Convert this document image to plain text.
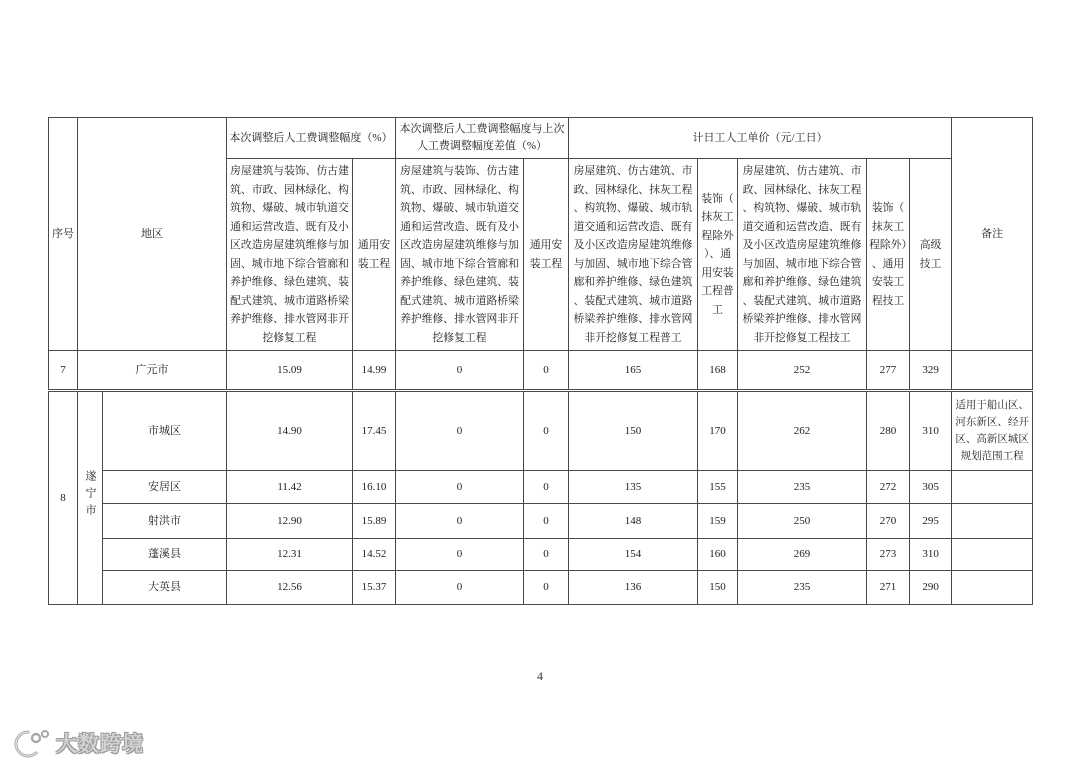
序号	地区		本次调整后人工费调整幅度（%）		本次调整后人工费调整幅度与上次人工费调整幅度差值（%）		计日工人工单价（元/工日）					备注

			房屋建筑与装饰、仿古建筑、市政、园林绿化、构筑物、爆破、城市轨道交通和运营改造、既有及小区改造房屋建筑维修与加固、城市地下综合管廊和养护维修、绿色建筑、装配式建筑、城市道路桥梁养护维修、排水管网非开挖修复工程	通用安装工程	房屋建筑与装饰、仿古建筑、市政、园林绿化、构筑物、爆破、城市轨道交通和运营改造、既有及小区改造房屋建筑维修与加固、城市地下综合管廊和养护维修、绿色建筑、装配式建筑、城市道路桥梁养护维修、排水管网非开挖修复工程	通用安装工程	房屋建筑、仿古建筑、市政、园林绿化、抹灰工程、构筑物、爆破、城市轨道交通和运营改造、既有及小区改造房屋建筑维修与加固、城市地下综合管廊和养护维修、绿色建筑、装配式建筑、城市道路桥梁养护维修、排水管网非开挖修复工程普工	装饰（抹灰工程除外）、通用安装工程普工	房屋建筑、仿古建筑、市政、园林绿化、抹灰工程、构筑物、爆破、城市轨道交通和运营改造、既有及小区改造房屋建筑维修与加固、城市地下综合管廊和养护维修、绿色建筑、装配式建筑、城市道路桥梁养护维修、排水管网非开挖修复工程技工	装饰（抹灰工程除外）、通用安装工程技工	高级技工	

7	广元市		15.09	14.99	0	0	165	168	252	277	329	
8	遂宁市	市城区	14.90	17.45	0	0	150	170	262	280	310	适用于船山区、河东新区、经开区、高新区城区规划范围工程

		安居区	11.42	16.10	0	0	135	155	235	272	305	
		射洪市	12.90	15.89	0	0	148	159	250	270	295	
		蓬溪县	12.31	14.52	0	0	154	160	269	273	310	
		大英县	12.56	15.37	0	0	136	150	235	271	290	
4
大数跨境
